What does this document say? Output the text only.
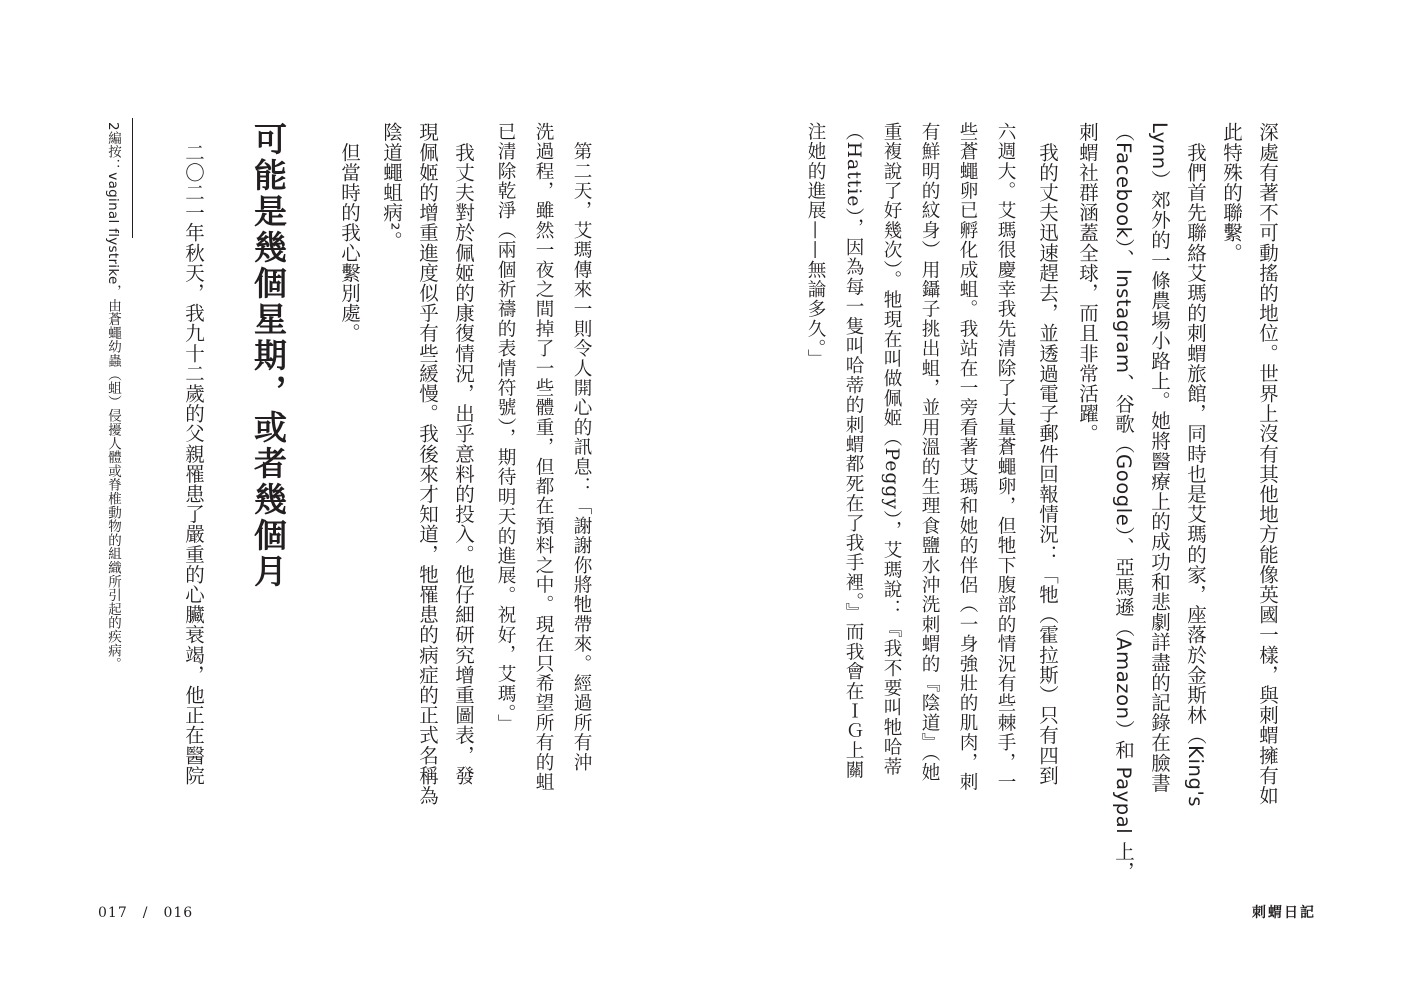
深處有著不可動搖的地位。世界上沒有其他地方能像英國一樣，與刺蝟擁有如
此特殊的聯繫。
　我們首先聯絡艾瑪的刺蝟旅館，同時也是艾瑪的家，座落於金斯林（King's
Lynn）郊外的一條農場小路上。她將醫療上的成功和悲劇詳盡的記錄在臉書
（Facebook）、Instagram、谷歌（Google）、亞馬遜（Amazon）和 Paypal 上，
刺蝟社群涵蓋全球，而且非常活躍。
　我的丈夫迅速趕去，並透過電子郵件回報情況：「牠（霍拉斯）只有四到
六週大。艾瑪很慶幸我先清除了大量蒼蠅卵，但牠下腹部的情況有些棘手，一
些蒼蠅卵已孵化成蛆。我站在一旁看著艾瑪和她的伴侶（一身強壯的肌肉，刺
有鮮明的紋身）用鑷子挑出蛆，並用溫的生理食鹽水沖洗刺蝟的『陰道』（她
重複說了好幾次）。牠現在叫做佩姬（Peggy），艾瑪說：『我不要叫牠哈蒂
（Hattie），因為每一隻叫哈蒂的刺蝟都死在了我手裡。』而我會在ＩＧ上關
注她的進展——無論多久。」
　第二天，艾瑪傳來一則令人開心的訊息：「謝謝你將牠帶來。經過所有沖
洗過程，雖然一夜之間掉了一些體重，但都在預料之中。現在只希望所有的蛆
已清除乾淨（兩個祈禱的表情符號），期待明天的進展。祝好，艾瑪。」
　我丈夫對於佩姬的康復情況，出乎意料的投入。他仔細研究增重圖表，發
現佩姬的增重進度似乎有些緩慢。我後來才知道，牠罹患的病症的正式名稱為
陰道蠅蛆病²。
　但當時的我心繫別處。
可能是幾個星期，或者幾個月
　二〇二一年秋天，我九十二歲的父親罹患了嚴重的心臟衰竭，他正在醫院
2編按：vaginal flystrike，由蒼蠅幼蟲（蛆）侵擾人體或脊椎動物的組織所引起的疾病。
017　/　016	刺蝟日記
